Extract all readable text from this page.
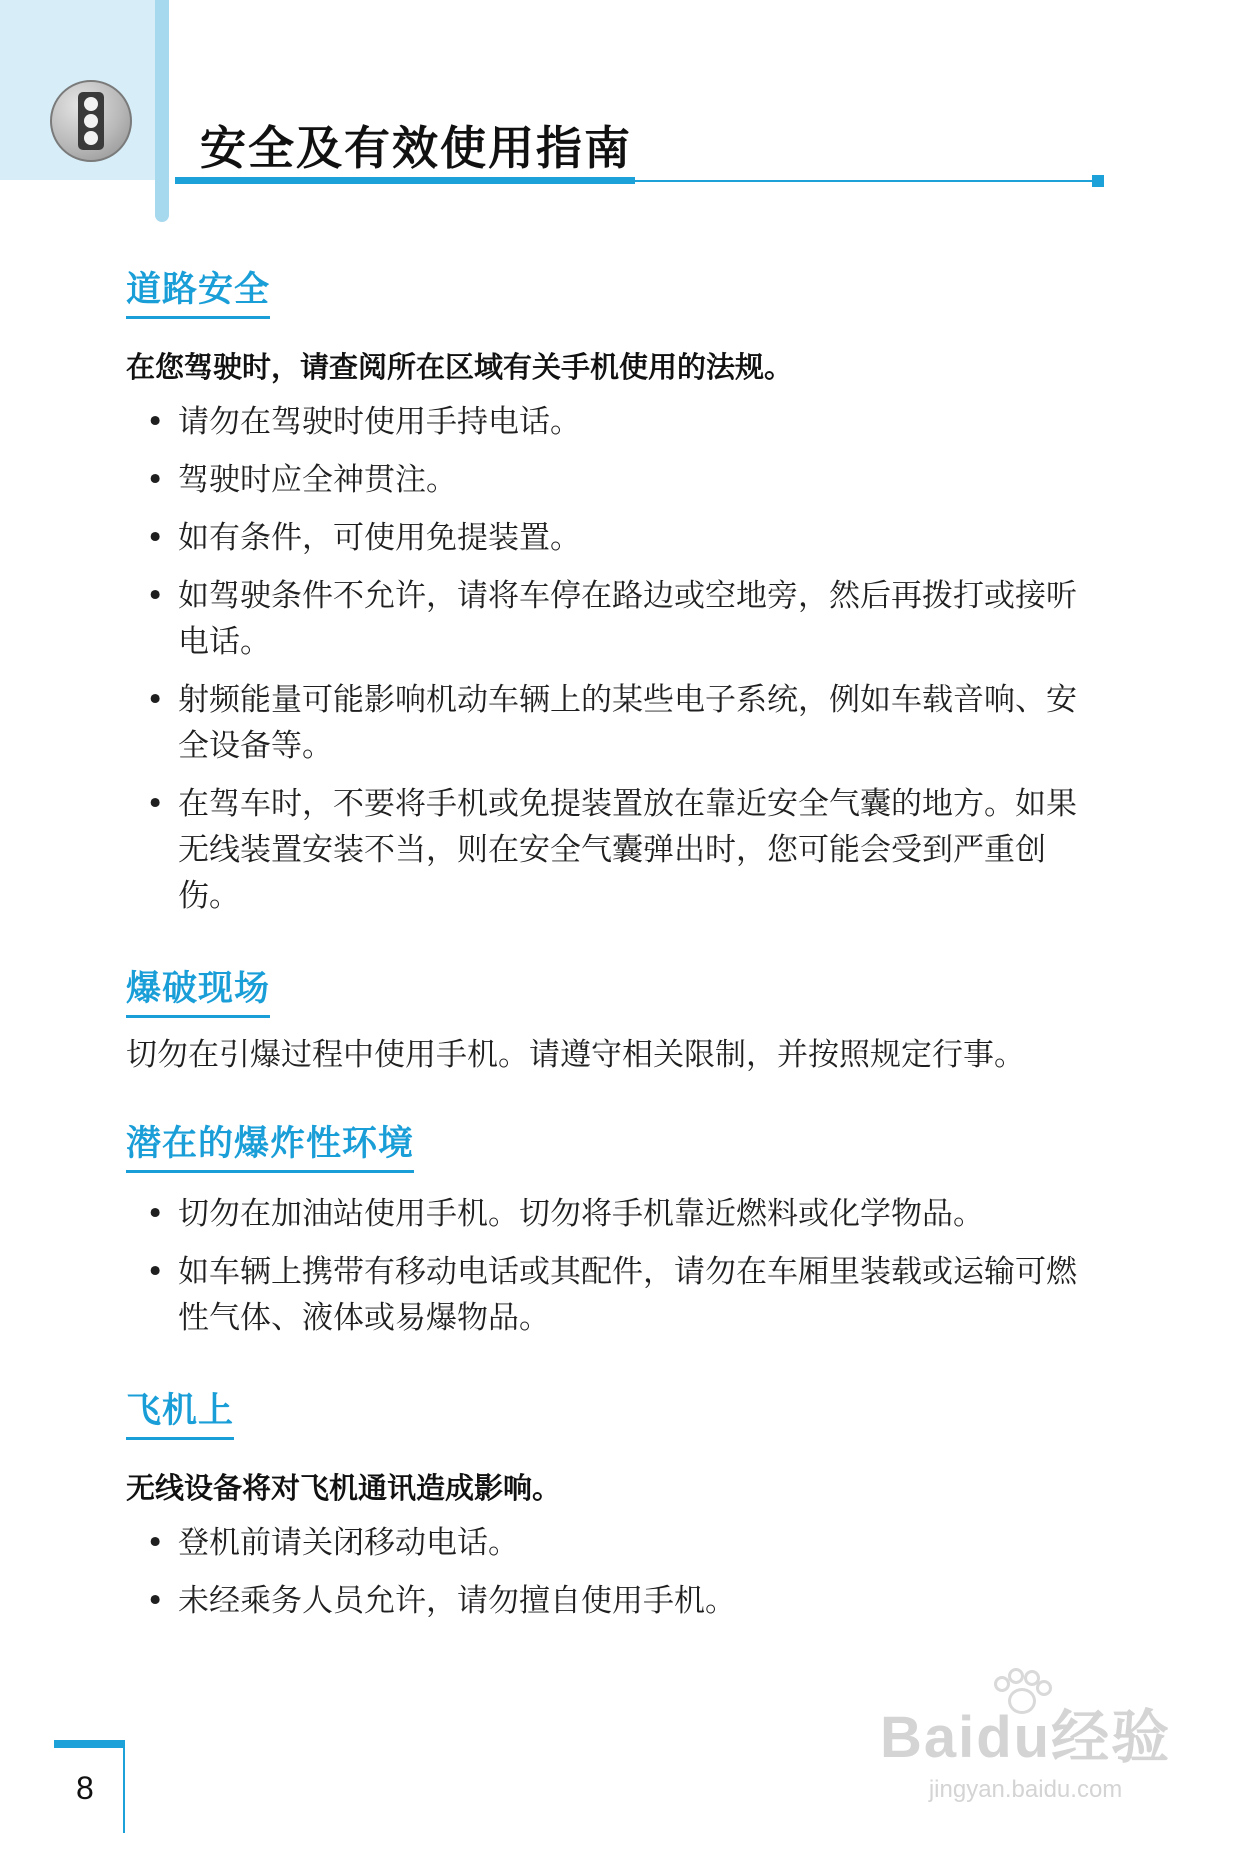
安全及有效使用指南
道路安全

在您驾驶时，请查阅所在区域有关手机使用的法规。

• 请勿在驾驶时使用手持电话。
• 驾驶时应全神贯注。
• 如有条件，可使用免提装置。
• 如驾驶条件不允许，请将车停在路边或空地旁，然后再拨打或接听电话。
• 射频能量可能影响机动车辆上的某些电子系统，例如车载音响、安全设备等。
• 在驾车时，不要将手机或免提装置放在靠近安全气囊的地方。如果无线装置安装不当，则在安全气囊弹出时，您可能会受到严重创伤。
爆破现场

切勿在引爆过程中使用手机。请遵守相关限制，并按照规定行事。

潜在的爆炸性环境
• 切勿在加油站使用手机。切勿将手机靠近燃料或化学物品。
• 如车辆上携带有移动电话或其配件，请勿在车厢里装载或运输可燃性气体、液体或易爆物品。
飞机上

无线设备将对飞机通讯造成影响。

• 登机前请关闭移动电话。
• 未经乘务人员允许，请勿擅自使用手机。
8
Baidu经验
jingyan.baidu.com
